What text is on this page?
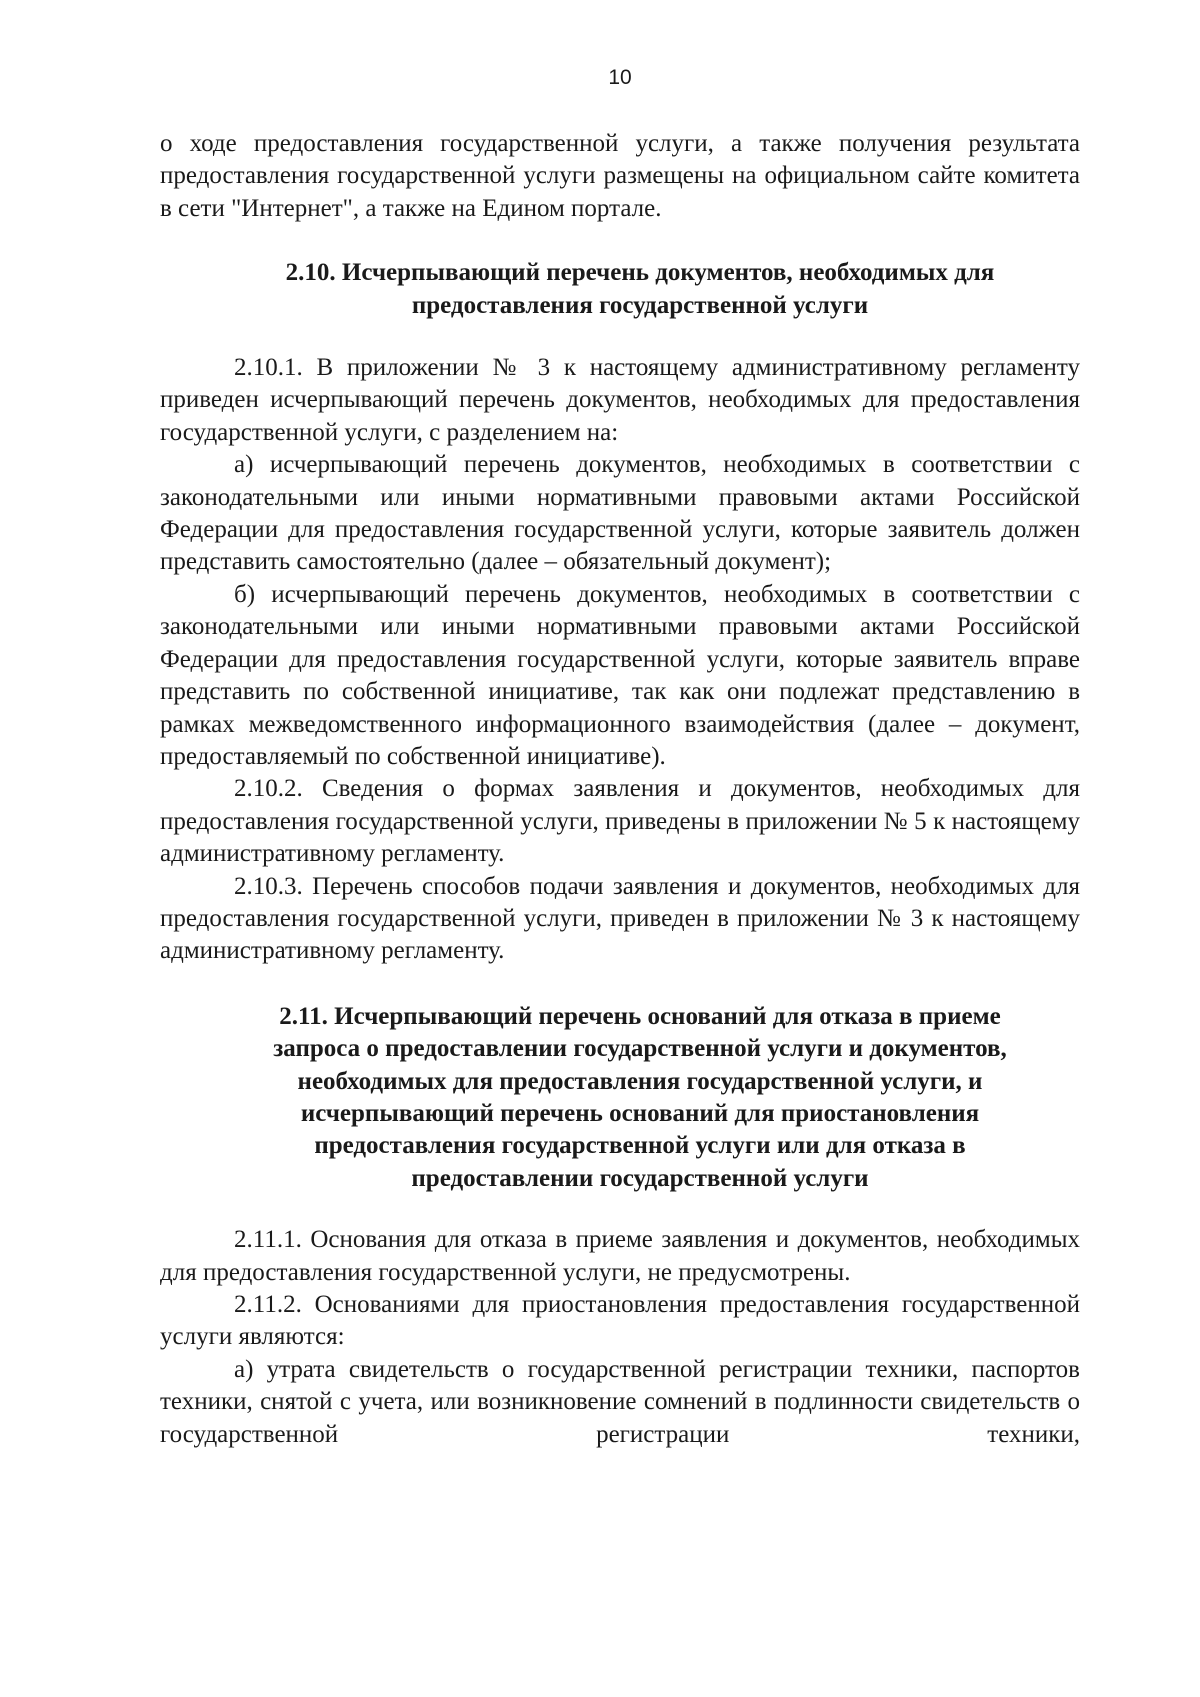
10

о ходе предоставления государственной услуги, а также получения результата предоставления государственной услуги размещены на официальном сайте комитета в сети "Интернет", а также на Едином портале.

2.10. Исчерпывающий перечень документов, необходимых для предоставления государственной услуги

2.10.1. В приложении № 3 к настоящему административному регламенту приведен исчерпывающий перечень документов, необходимых для предоставления государственной услуги, с разделением на:

а) исчерпывающий перечень документов, необходимых в соответствии с законодательными или иными нормативными правовыми актами Российской Федерации для предоставления государственной услуги, которые заявитель должен представить самостоятельно (далее – обязательный документ);

б) исчерпывающий перечень документов, необходимых в соответствии с законодательными или иными нормативными правовыми актами Российской Федерации для предоставления государственной услуги, которые заявитель вправе представить по собственной инициативе, так как они подлежат представлению в рамках межведомственного информационного взаимодействия (далее – документ, предоставляемый по собственной инициативе).

2.10.2. Сведения о формах заявления и документов, необходимых для предоставления государственной услуги, приведены в приложении № 5 к настоящему административному регламенту.

2.10.3. Перечень способов подачи заявления и документов, необходимых для предоставления государственной услуги, приведен в приложении № 3 к настоящему административному регламенту.

2.11. Исчерпывающий перечень оснований для отказа в приеме
запроса о предоставлении государственной услуги и документов,
необходимых для предоставления государственной услуги, и
исчерпывающий перечень оснований для приостановления
предоставления государственной услуги или для отказа в
предоставлении государственной услуги

2.11.1. Основания для отказа в приеме заявления и документов, необходимых для предоставления государственной услуги, не предусмотрены.

2.11.2. Основаниями для приостановления предоставления государственной услуги являются:

а) утрата свидетельств о государственной регистрации техники, паспортов техники, снятой с учета, или возникновение сомнений в подлинности свидетельств о государственной регистрации техники,
